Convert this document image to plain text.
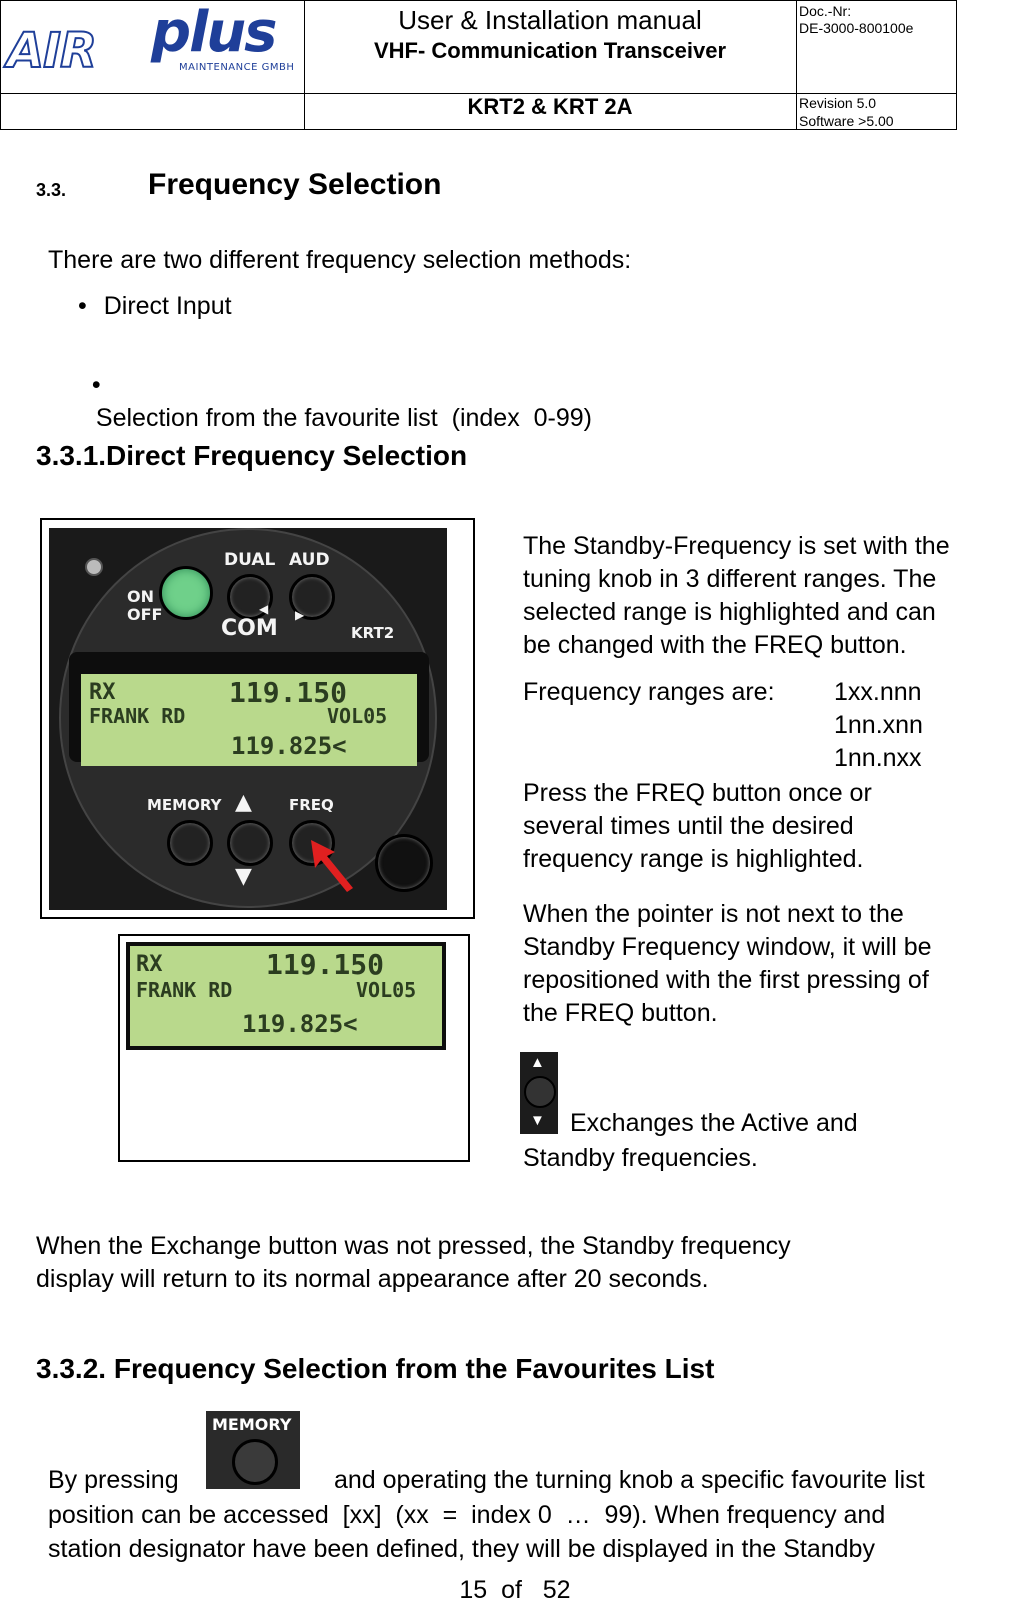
AIR plus
MAINTENANCE GMBH
User & Installation manual
VHF- Communication Transceiver
Doc.-Nr:
DE-3000-800100e
KRT2 & KRT 2A	Revision 5.0
Software >5.00
3.3.	Frequency Selection
There are two different frequency selection methods:
• Direct Input

•
Selection from the favourite list  (index  0-99)

3.3.1.Direct Frequency Selection
ON
OFF
DUAL AUD
◀ ▶
COM	KRT2
RX	119.150
FRANK RD	VOL05
119.825<
MEMORY ▲
▼
FREQ
RX	119.150
FRANK RD	VOL05
119.825<
The Standby-Frequency is set with the
tuning knob in 3 different ranges. The
selected range is highlighted and can
be changed with the FREQ button.
Frequency ranges are: 1xx.nnn
1nn.xnn
1nn.nxx
Press the FREQ button once or
several times until the desired
frequency range is highlighted.
When the pointer is not next to the
Standby Frequency window, it will be
repositioned with the first pressing of
the FREQ button.
▲
▼ Exchanges the Active and
Standby frequencies.
When the Exchange button was not pressed, the Standby frequency
display will return to its normal appearance after 20 seconds.
3.3.2. Frequency Selection from the Favourites List
MEMORY
By pressing	and operating the turning knob a specific favourite list
position can be accessed  [xx]  (xx  =  index 0  …  99). When frequency and
station designator have been defined, they will be displayed in the Standby
15  of   52
